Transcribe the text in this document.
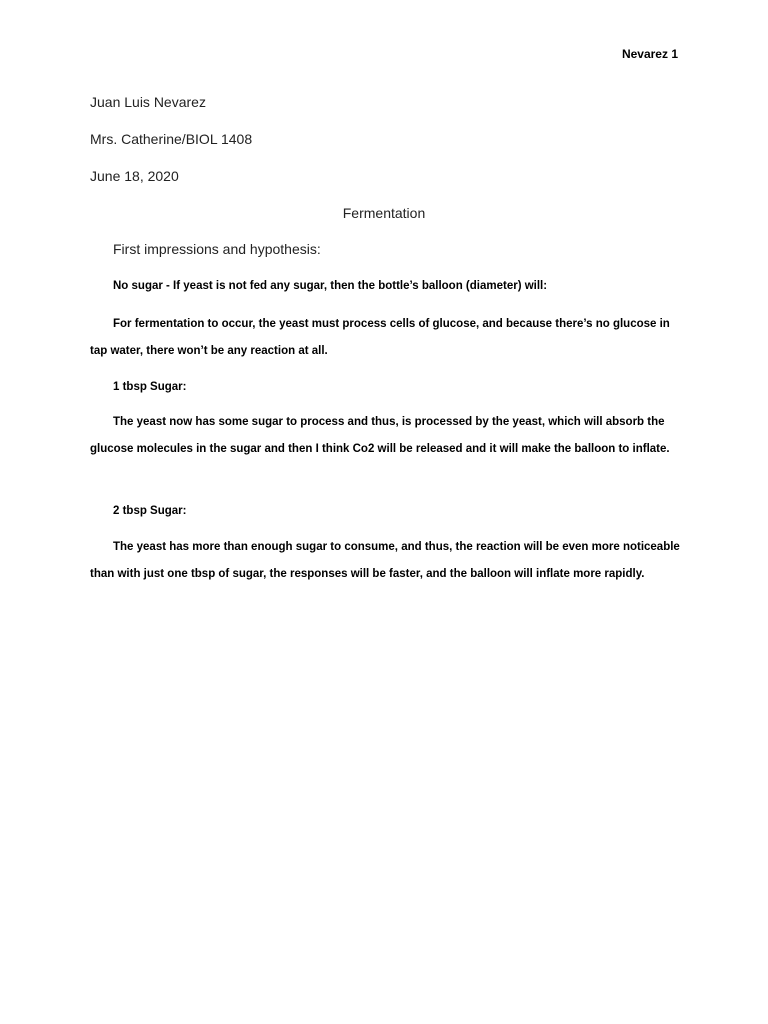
Nevarez 1
Juan Luis Nevarez
Mrs. Catherine/BIOL 1408
June 18, 2020
Fermentation
First impressions and hypothesis:
No sugar - If yeast is not fed any sugar, then the bottle’s balloon (diameter) will:

For fermentation to occur, the yeast must process cells of glucose, and because there’s no glucose in tap water, there won’t be any reaction at all.

1 tbsp Sugar:

The yeast now has some sugar to process and thus, is processed by the yeast, which will absorb the glucose molecules in the sugar and then I think Co2 will be released and it will make the balloon to inflate.

2 tbsp Sugar:

The yeast has more than enough sugar to consume, and thus, the reaction will be even more noticeable than with just one tbsp of sugar, the responses will be faster, and the balloon will inflate more rapidly.
